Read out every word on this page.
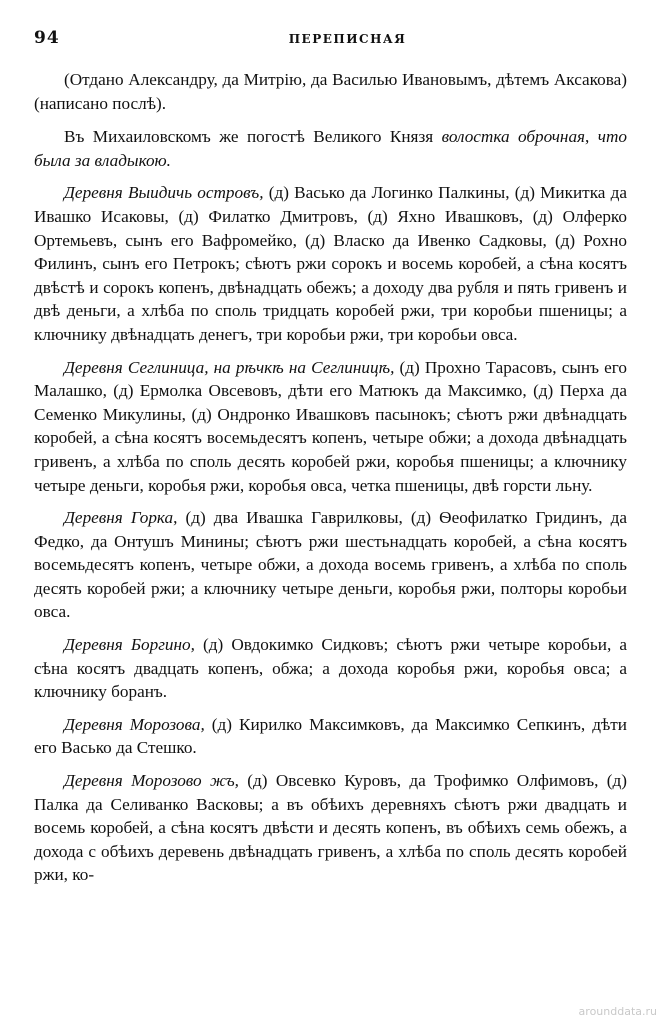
94	ПЕРЕПИСНАЯ

(Отдано Александру, да Митрію, да Василью Ивановымъ, дѣтемъ Аксакова) (написано послѣ).

Въ Михаиловскомъ же погостѣ Великого Князя волостка оброчная, что была за владыкою.

Деревня Выидичь островъ, (д) Васько да Логинко Палкины, (д) Микитка да Ивашко Исаковы, (д) Филатко Дмитровъ, (д) Яхно Ивашковъ, (д) Олферко Ортемьевъ, сынъ его Вафромейко, (д) Власко да Ивенко Садковы, (д) Рохно Филинъ, сынъ его Петрокъ; сѣютъ ржи сорокъ и восемь коробей, а сѣна косятъ двѣстѣ и сорокъ копенъ, двѣнадцать обежъ; а доходу два рубля и пять гривенъ и двѣ деньги, а хлѣба по споль тридцать коробей ржи, три коробьи пшеницы; а ключнику двѣнадцать денегъ, три коробьи ржи, три коробьи овса.

Деревня Сеглиница, на рѣчкѣ на Сеглиницѣ, (д) Прохно Тарасовъ, сынъ его Малашко, (д) Ермолка Овсевовъ, дѣти его Матюкъ да Максимко, (д) Перха да Семенко Микулины, (д) Ондронко Ивашковъ пасынокъ; сѣютъ ржи двѣнадцать коробей, а сѣна косятъ восемьдесятъ копенъ, четыре обжи; а дохода двѣнадцать гривенъ, а хлѣба по споль десять коробей ржи, коробья пшеницы; а ключнику четыре деньги, коробья ржи, коробья овса, четка пшеницы, двѣ горсти льну.

Деревня Горка, (д) два Ивашка Гаврилковы, (д) Ѳеофилатко Гридинъ, да Федко, да Онтушъ Минины; сѣютъ ржи шестьнадцать коробей, а сѣна косятъ восемьдесятъ копенъ, четыре обжи, а дохода восемь гривенъ, а хлѣба по споль десять коробей ржи; а ключнику четыре деньги, коробья ржи, полторы коробьи овса.

Деревня Боргино, (д) Овдокимко Сидковъ; сѣютъ ржи четыре коробьи, а сѣна косятъ двадцать копенъ, обжа; а дохода коробья ржи, коробья овса; а ключнику боранъ.

Деревня Морозова, (д) Кирилко Максимковъ, да Максимко Сепкинъ, дѣти его Васько да Стешко.

Деревня Морозово жъ, (д) Овсевко Куровъ, да Трофимко Олфимовъ, (д) Палка да Селиванко Васковы; а въ обѣихъ деревняхъ сѣютъ ржи двадцать и восемь коробей, а сѣна косятъ двѣсти и десять копенъ, въ обѣихъ семь обежъ, а дохода с обѣихъ деревень двѣнадцать гривенъ, а хлѣба по споль десять коробей ржи, ко-

arounddata.ru
